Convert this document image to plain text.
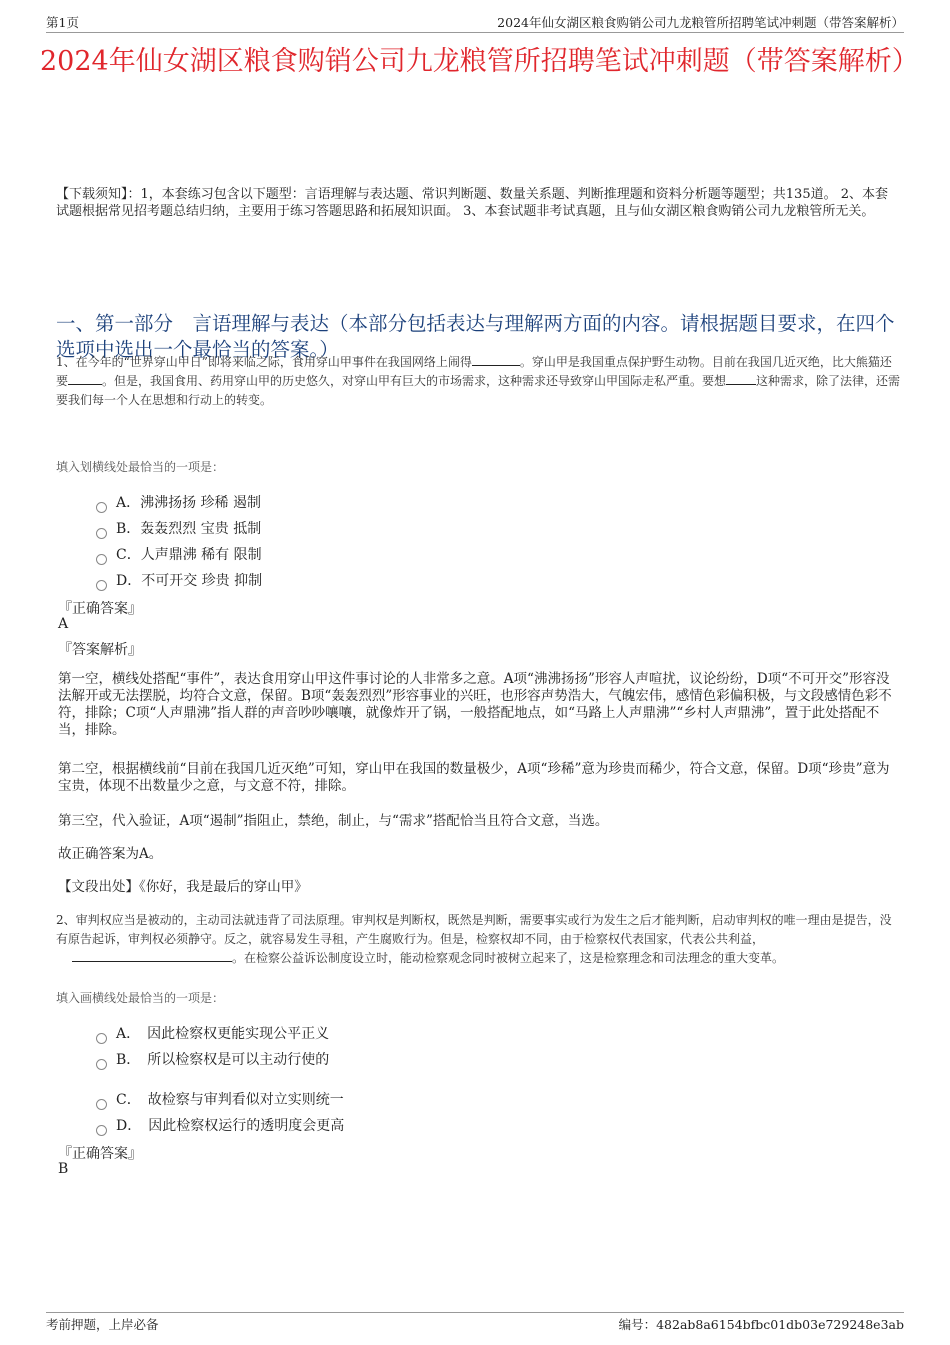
第1页	2024年仙女湖区粮食购销公司九龙粮管所招聘笔试冲刺题（带答案解析）
2024年仙女湖区粮食购销公司九龙粮管所招聘笔试冲刺题（带答案解析）
【下载须知】：1，本套练习包含以下题型：言语理解与表达题、常识判断题、数量关系题、判断推理题和资料分析题等题型；共135道。 2、本套试题根据常见招考题总结归纳，主要用于练习答题思路和拓展知识面。 3、本套试题非考试真题，且与仙女湖区粮食购销公司九龙粮管所无关。
一、第一部分　言语理解与表达（本部分包括表达与理解两方面的内容。请根据题目要求，在四个选项中选出一个最恰当的答案。）
1、在今年的“世界穿山甲日”即将来临之际，食用穿山甲事件在我国网络上闹得	。穿山甲是我国重点保护野生动物。目前在我国几近灭绝，比大熊猫还要	。但是，我国食用、药用穿山甲的历史悠久，对穿山甲有巨大的市场需求，这种需求还导致穿山甲国际走私严重。要想	这种需求，除了法律，还需要我们每一个人在思想和行动上的转变。
填入划横线处最恰当的一项是：
A．沸沸扬扬 珍稀 遏制
B．轰轰烈烈 宝贵 抵制
C．人声鼎沸 稀有 限制
D．不可开交 珍贵 抑制
『正确答案』
A
『答案解析』
第一空，横线处搭配“事件”，表达食用穿山甲这件事讨论的人非常多之意。A项“沸沸扬扬”形容人声喧扰，议论纷纷，D项“不可开交”形容没法解开或无法摆脱，均符合文意，保留。B项“轰轰烈烈”形容事业的兴旺，也形容声势浩大，气魄宏伟，感情色彩偏积极，与文段感情色彩不符，排除；C项“人声鼎沸”指人群的声音吵吵嚷嚷，就像炸开了锅，一般搭配地点，如“马路上人声鼎沸”“乡村人声鼎沸”，置于此处搭配不当，排除。
第二空，根据横线前“目前在我国几近灭绝”可知，穿山甲在我国的数量极少，A项“珍稀”意为珍贵而稀少，符合文意，保留。D项“珍贵”意为宝贵，体现不出数量少之意，与文意不符，排除。
第三空，代入验证，A项“遏制”指阻止，禁绝，制止，与“需求”搭配恰当且符合文意，当选。
故正确答案为A。
【文段出处】《你好，我是最后的穿山甲》
2、审判权应当是被动的，主动司法就违背了司法原理。审判权是判断权，既然是判断，需要事实或行为发生之后才能判断，启动审判权的唯一理由是提告，没有原告起诉，审判权必须静守。反之，就容易发生寻租，产生腐败行为。但是，检察权却不同，由于检察权代表国家，代表公共利益，。在检察公益诉讼制度设立时，能动检察观念同时被树立起来了，这是检察理念和司法理念的重大变革。
填入画横线处最恰当的一项是：
A．　因此检察权更能实现公平正义
B．　所以检察权是可以主动行使的
C．　故检察与审判看似对立实则统一
D．　因此检察权运行的透明度会更高
『正确答案』
B
考前押题，上岸必备	编号：482ab8a6154bfbc01db03e729248e3ab
